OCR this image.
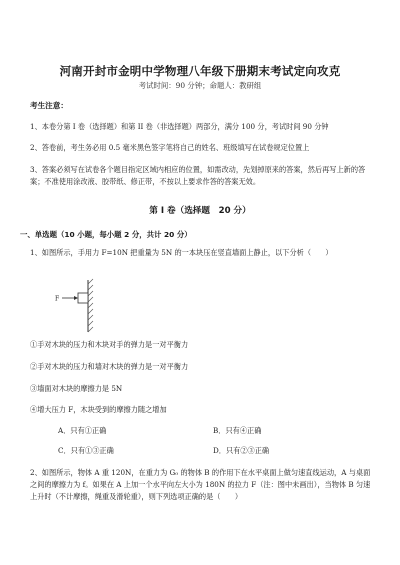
河南开封市金明中学物理八年级下册期末考试定向攻克
考试时间：90 分钟；命题人：教研组
考生注意：
1、本卷分第 I 卷（选择题）和第 II 卷（非选择题）两部分，满分 100 分，考试时间 90 分钟
2、答卷前，考生务必用 0.5 毫米黑色签字笔将自己的姓名、班级填写在试卷规定位置上
3、答案必须写在试卷各个题目指定区域内相应的位置，如需改动，先划掉原来的答案，然后再写上新的答案；不准使用涂改液、胶带纸、修正带，不按以上要求作答的答案无效。
第 I 卷（选择题　20 分）
一、单选题（10 小题，每小题 2 分，共计 20 分）
1、如图所示，手用力 F=10N 把重量为 5N 的一本块压在竖直墙面上静止，以下分析（　　）
F
①手对木块的压力和木块对手的弹力是一对平衡力
②手对木块的压力和墙对木块的弹力是一对平衡力
③墙面对木块的摩擦力是 5N
④增大压力 F，木块受到的摩擦力随之增加
A．只有①正确	B．只有④正确
C．只有①③正确	D．只有②③正确
2、如图所示，物体 A 重 120N，在重力为 G₀ 的物体 B 的作用下在水平桌面上做匀速直线运动，A 与桌面之间的摩擦力为 f。如果在 A 上加一个水平向左大小为 180N 的拉力 F（注：图中未画出），当物体 B 匀速上升时（不计摩擦，绳重及滑轮重），则下列选项正确的是（　　）
